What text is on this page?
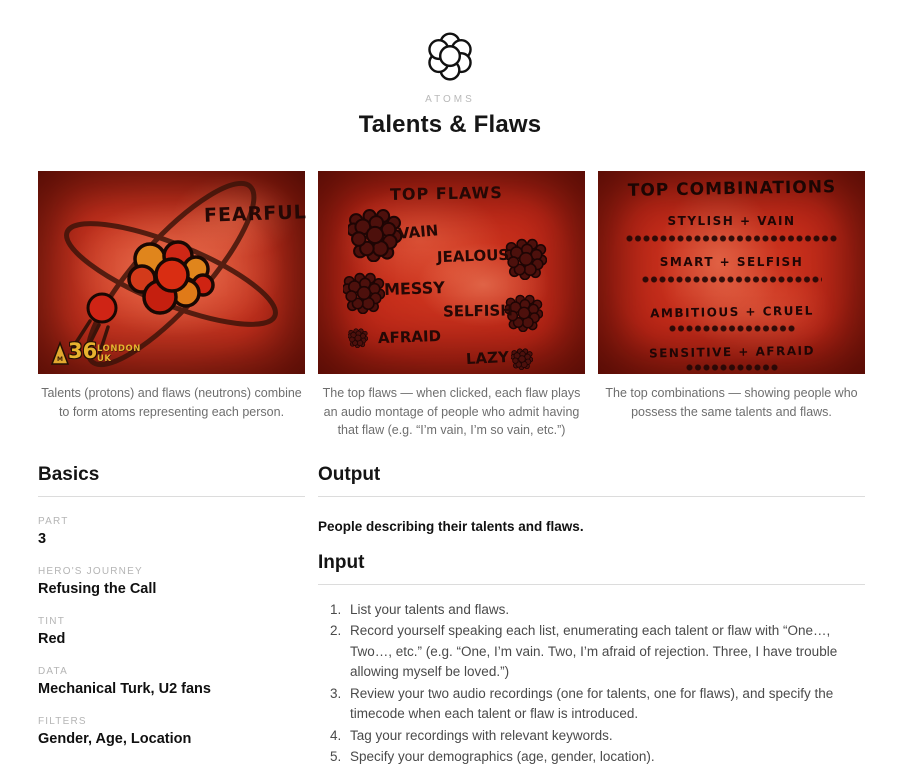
ATOMS
Talents & Flaws
FEARFUL
M 36 LONDON UK
Talents (protons) and flaws (neutrons) combine to form atoms representing each person.
TOP FLAWS
VAIN
JEALOUS
MESSY
SELFISH
AFRAID
LAZY
The top flaws — when clicked, each flaw plays an audio montage of people who admit having that flaw (e.g. “I’m vain, I’m so vain, etc.”)
TOP COMBINATIONS
STYLISH + VAIN
SMART + SELFISH
AMBITIOUS + CRUEL
SENSITIVE + AFRAID
The top combinations — showing people who possess the same talents and flaws.
Basics
PART
3
HERO'S JOURNEY
Refusing the Call
TINT
Red
DATA
Mechanical Turk, U2 fans
FILTERS
Gender, Age, Location
Output

People describing their talents and flaws.

Input
1. List your talents and flaws.
2. Record yourself speaking each list, enumerating each talent or flaw with “One…, Two…, etc.” (e.g. “One, I’m vain. Two, I’m afraid of rejection. Three, I have trouble allowing myself be loved.”)
3. Review your two audio recordings (one for talents, one for flaws), and specify the timecode when each talent or flaw is introduced.
4. Tag your recordings with relevant keywords.
5. Specify your demographics (age, gender, location).
